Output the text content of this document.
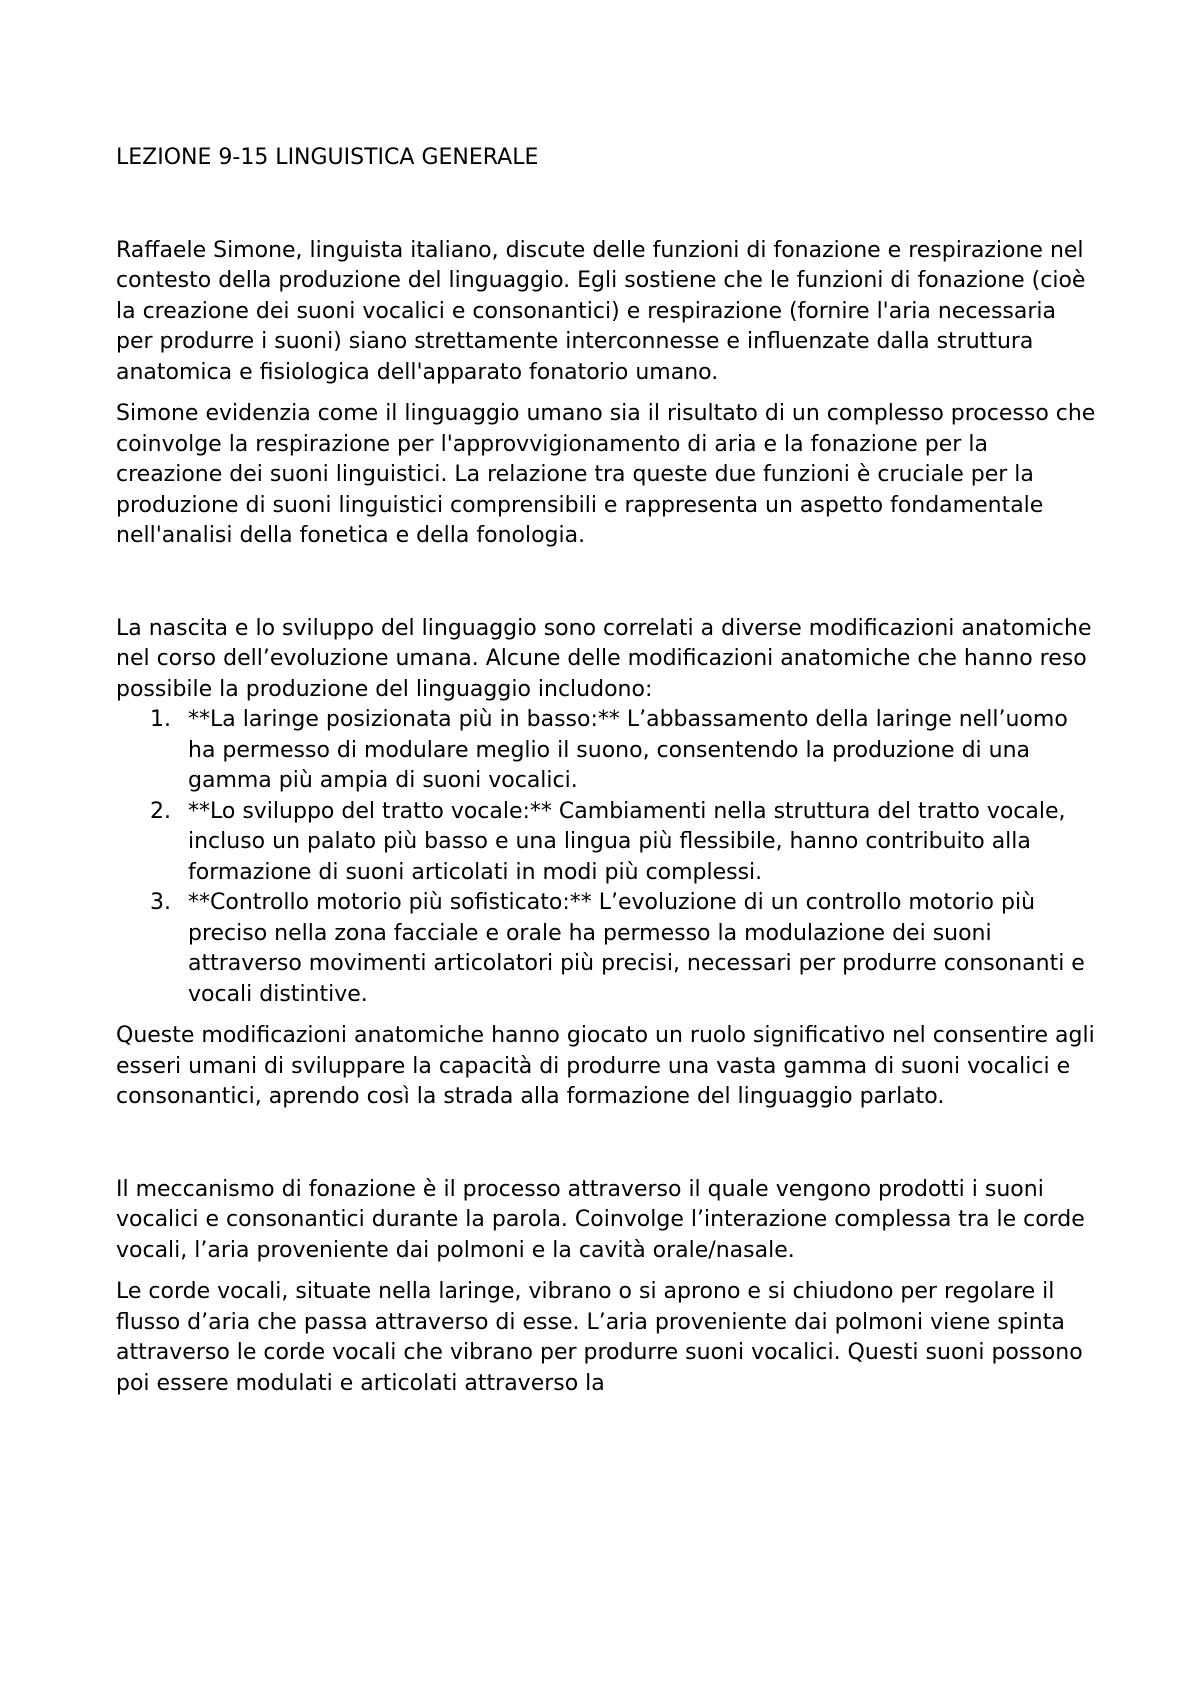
LEZIONE 9-15 LINGUISTICA GENERALE

Raffaele Simone, linguista italiano, discute delle funzioni di fonazione e respirazione nel contesto della produzione del linguaggio. Egli sostiene che le funzioni di fonazione (cioè la creazione dei suoni vocalici e consonantici) e respirazione (fornire l'aria necessaria per produrre i suoni) siano strettamente interconnesse e influenzate dalla struttura anatomica e fisiologica dell'apparato fonatorio umano.

Simone evidenzia come il linguaggio umano sia il risultato di un complesso processo che coinvolge la respirazione per l'approvvigionamento di aria e la fonazione per la creazione dei suoni linguistici. La relazione tra queste due funzioni è cruciale per la produzione di suoni linguistici comprensibili e rappresenta un aspetto fondamentale nell'analisi della fonetica e della fonologia.

La nascita e lo sviluppo del linguaggio sono correlati a diverse modificazioni anatomiche nel corso dell’evoluzione umana. Alcune delle modificazioni anatomiche che hanno reso possibile la produzione del linguaggio includono:

1. **La laringe posizionata più in basso:** L’abbassamento della laringe nell’uomo ha permesso di modulare meglio il suono, consentendo la produzione di una gamma più ampia di suoni vocalici.
2. **Lo sviluppo del tratto vocale:** Cambiamenti nella struttura del tratto vocale, incluso un palato più basso e una lingua più flessibile, hanno contribuito alla formazione di suoni articolati in modi più complessi.
3. **Controllo motorio più sofisticato:** L’evoluzione di un controllo motorio più preciso nella zona facciale e orale ha permesso la modulazione dei suoni attraverso movimenti articolatori più precisi, necessari per produrre consonanti e vocali distintive.

Queste modificazioni anatomiche hanno giocato un ruolo significativo nel consentire agli esseri umani di sviluppare la capacità di produrre una vasta gamma di suoni vocalici e consonantici, aprendo così la strada alla formazione del linguaggio parlato.

Il meccanismo di fonazione è il processo attraverso il quale vengono prodotti i suoni vocalici e consonantici durante la parola. Coinvolge l’interazione complessa tra le corde vocali, l’aria proveniente dai polmoni e la cavità orale/nasale.

Le corde vocali, situate nella laringe, vibrano o si aprono e si chiudono per regolare il flusso d’aria che passa attraverso di esse. L’aria proveniente dai polmoni viene spinta attraverso le corde vocali che vibrano per produrre suoni vocalici. Questi suoni possono poi essere modulati e articolati attraverso la
